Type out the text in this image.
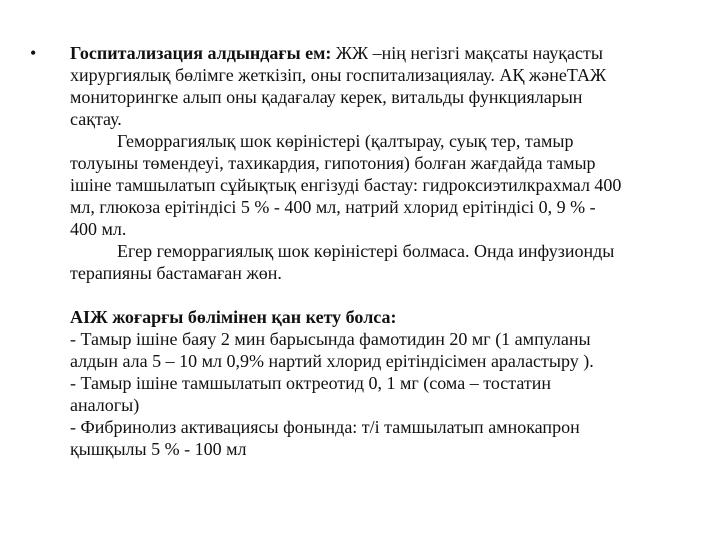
•	Госпитализация алдындағы ем: ЖЖ –нің негізгі мақсаты науқасты
хирургиялық бөлімге жеткізіп, оны госпитализациялау. АҚ жәнеТАЖ
мониторингке алып оны қадағалау керек, витальды функцияларын
сақтау.
Геморрагиялық шок көріністері (қалтырау, суық тер, тамыр
толуыны төмендеуі, тахикардия, гипотония) болған жағдайда тамыр
ішіне тамшылатып сұйықтық енгізуді бастау: гидроксиэтилкрахмал 400
мл, глюкоза ерітіндісі 5 % - 400 мл, натрий хлорид ерітіндісі 0, 9 % -
400 мл.
Егер геморрагиялық шок көріністері болмаса. Онда инфузионды
терапияны бастамаған жөн.
АІЖ жоғарғы бөлімінен қан кету болса:
- Тамыр ішіне баяу 2 мин барысында фамотидин 20 мг (1 ампуланы
алдын ала 5 – 10 мл 0,9% нартий хлорид ерітіндісімен араластыру ).
- Тамыр ішіне тамшылатып октреотид 0, 1 мг (сома – тостатин
аналогы)
- Фибринолиз активациясы фонында: т/і тамшылатып амнокапрон
қышқылы 5 % - 100 мл
